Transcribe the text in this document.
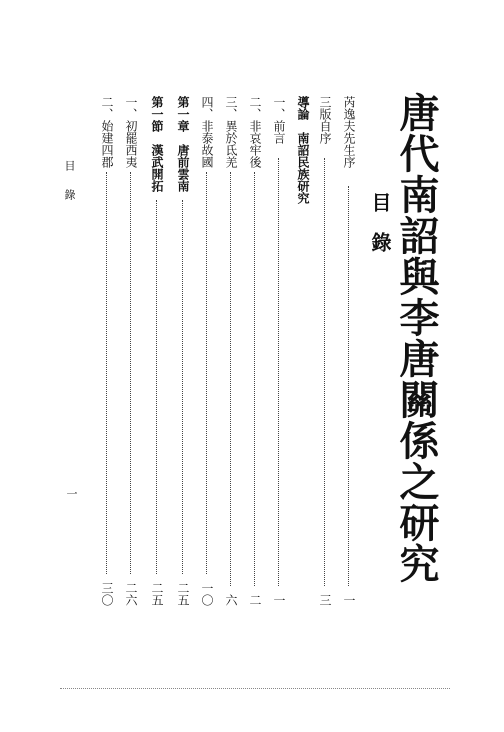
唐代南詔與李唐關係之研究
目錄
芮逸夫先生序
一
三版自序
三
導論　南詔民族研究
一、前言
一
二、非哀牢後
二
三、異於氐羌
六
四、非泰故國
一〇
第一章　唐前雲南
二五
第一節　漢武開拓
二五
一、初罷西夷
二六
二、始建四郡
三〇
目錄
一
